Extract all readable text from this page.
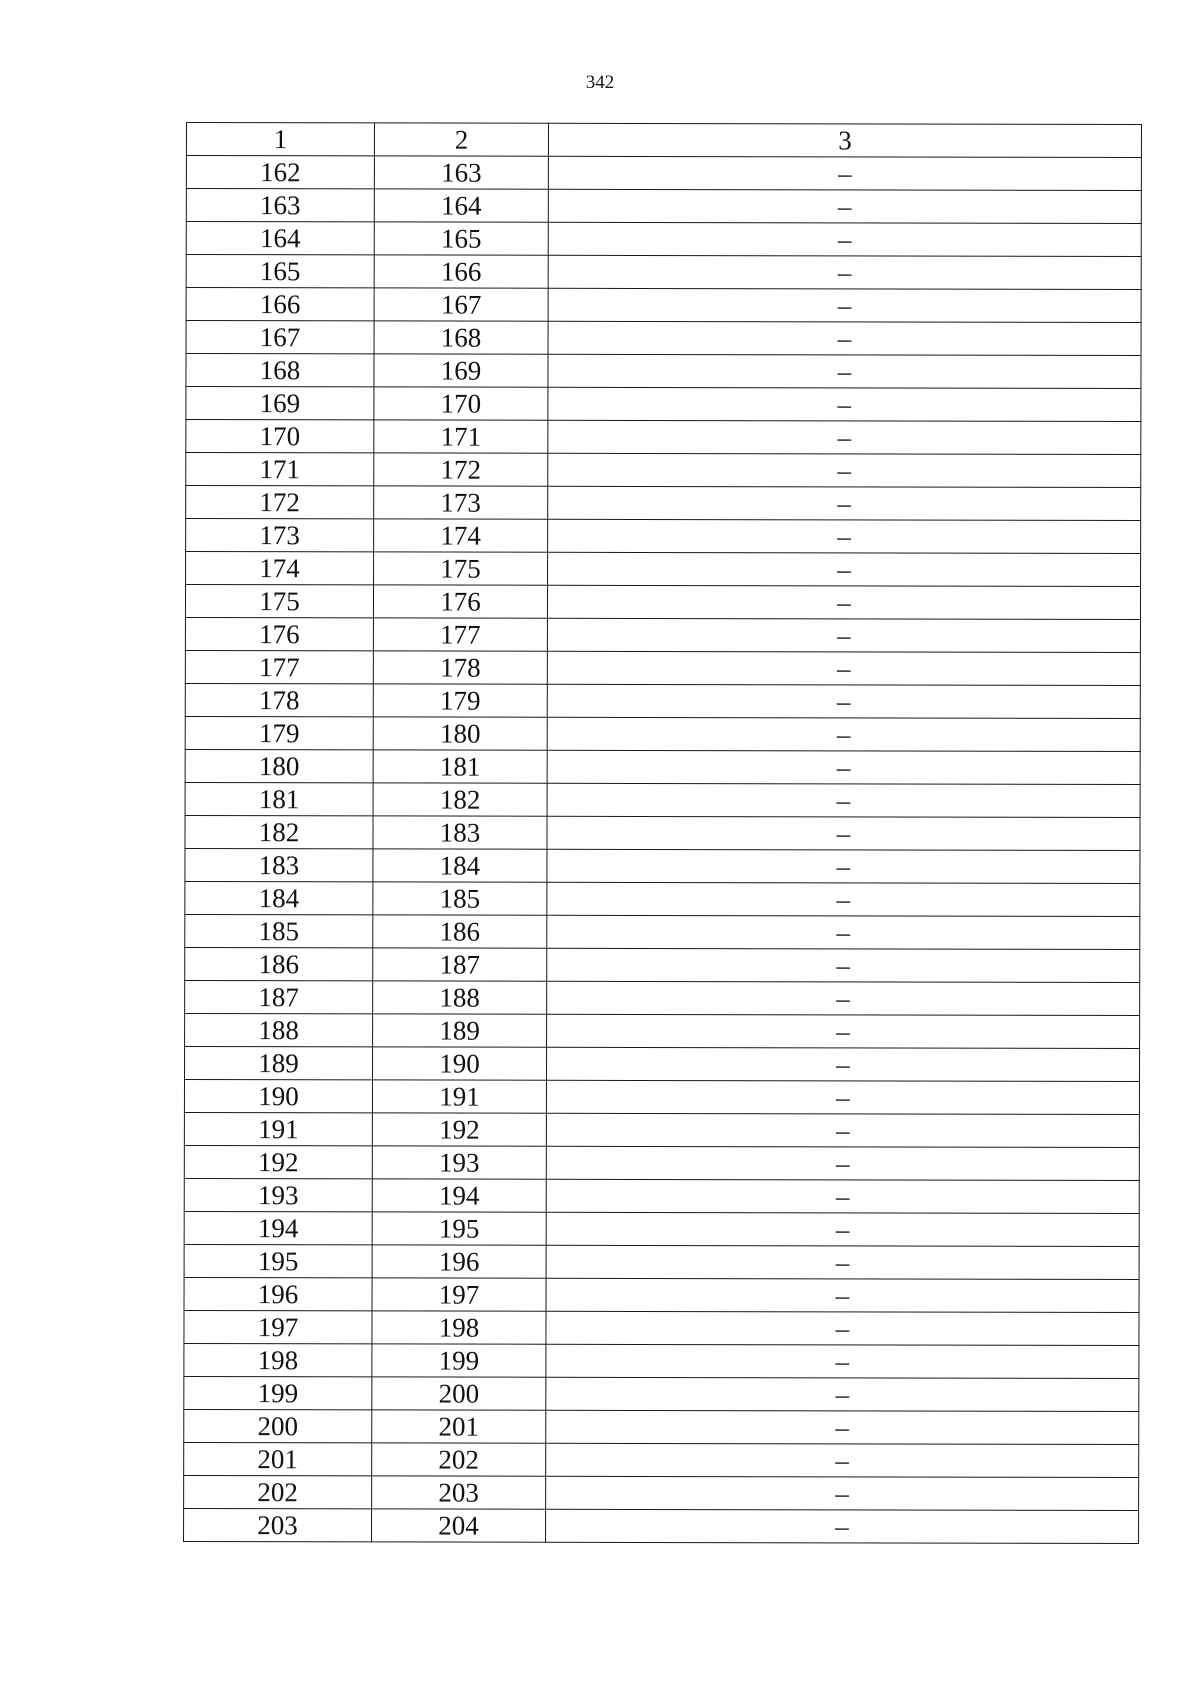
342
1	2	3
162	163	–
163	164	–
164	165	–
165	166	–
166	167	–
167	168	–
168	169	–
169	170	–
170	171	–
171	172	–
172	173	–
173	174	–
174	175	–
175	176	–
176	177	–
177	178	–
178	179	–
179	180	–
180	181	–
181	182	–
182	183	–
183	184	–
184	185	–
185	186	–
186	187	–
187	188	–
188	189	–
189	190	–
190	191	–
191	192	–
192	193	–
193	194	–
194	195	–
195	196	–
196	197	–
197	198	–
198	199	–
199	200	–
200	201	–
201	202	–
202	203	–
203	204	–
